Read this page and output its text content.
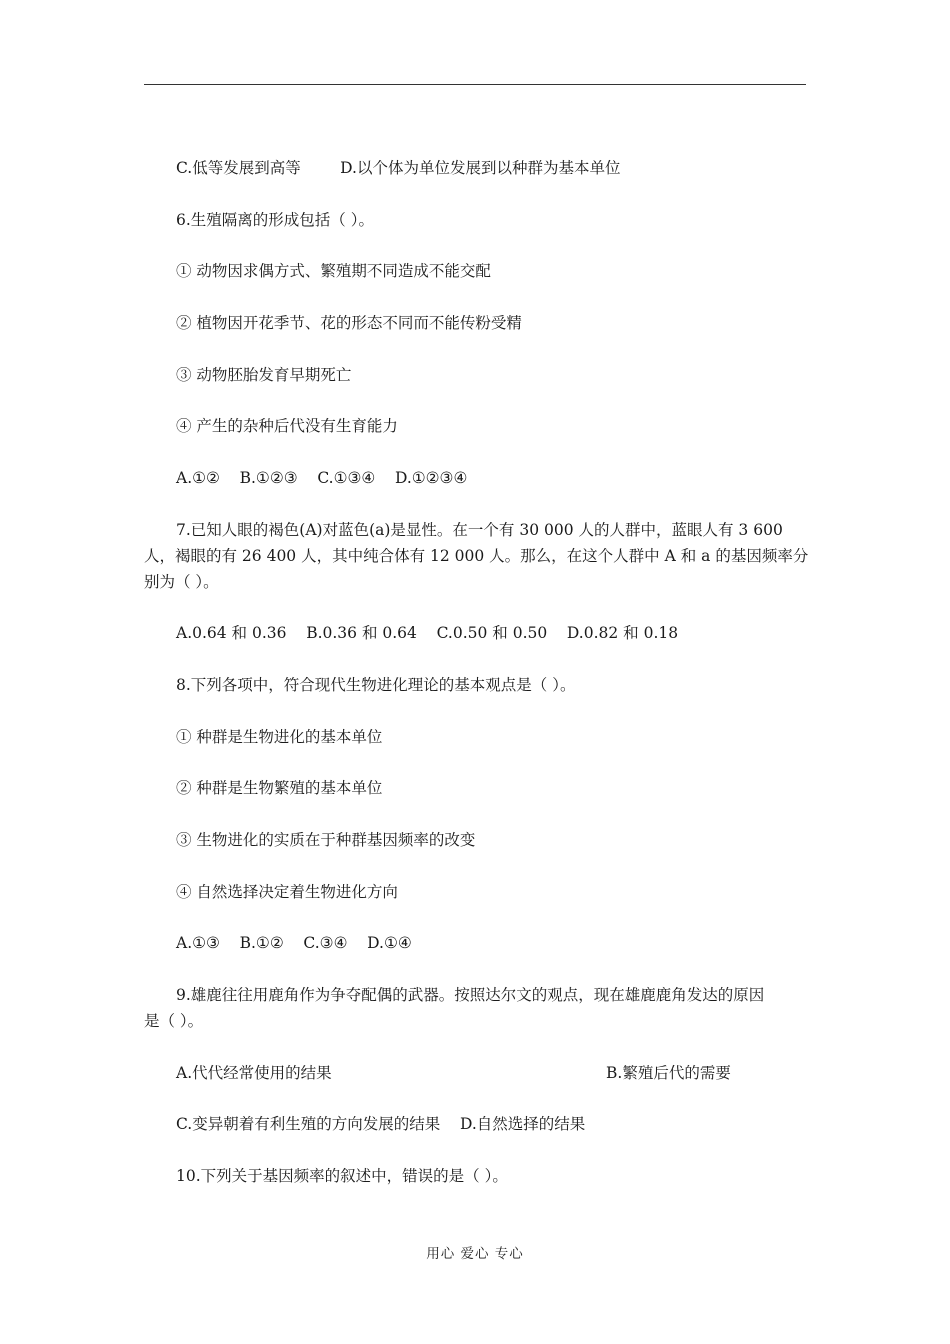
C.低等发展到高等        D.以个体为单位发展到以种群为基本单位
6.生殖隔离的形成包括（ ）。
① 动物因求偶方式、繁殖期不同造成不能交配
② 植物因开花季节、花的形态不同而不能传粉受精
③ 动物胚胎发育早期死亡
④ 产生的杂种后代没有生育能力
A.①②    B.①②③    C.①③④    D.①②③④
7.已知人眼的褐色(A)对蓝色(a)是显性。在一个有 30 000 人的人群中，蓝眼人有 3 600
人，褐眼的有 26 400 人，其中纯合体有 12 000 人。那么，在这个人群中 A 和 a 的基因频率分
别为（ ）。
A.0.64 和 0.36    B.0.36 和 0.64    C.0.50 和 0.50    D.0.82 和 0.18
8.下列各项中，符合现代生物进化理论的基本观点是（ ）。
① 种群是生物进化的基本单位
② 种群是生物繁殖的基本单位
③ 生物进化的实质在于种群基因频率的改变
④ 自然选择决定着生物进化方向
A.①③    B.①②    C.③④    D.①④
9.雄鹿往往用鹿角作为争夺配偶的武器。按照达尔文的观点，现在雄鹿鹿角发达的原因
是（ ）。
A.代代经常使用的结果	B.繁殖后代的需要
C.变异朝着有利生殖的方向发展的结果    D.自然选择的结果
10.下列关于基因频率的叙述中，错误的是（ ）。
用心 爱心 专心
